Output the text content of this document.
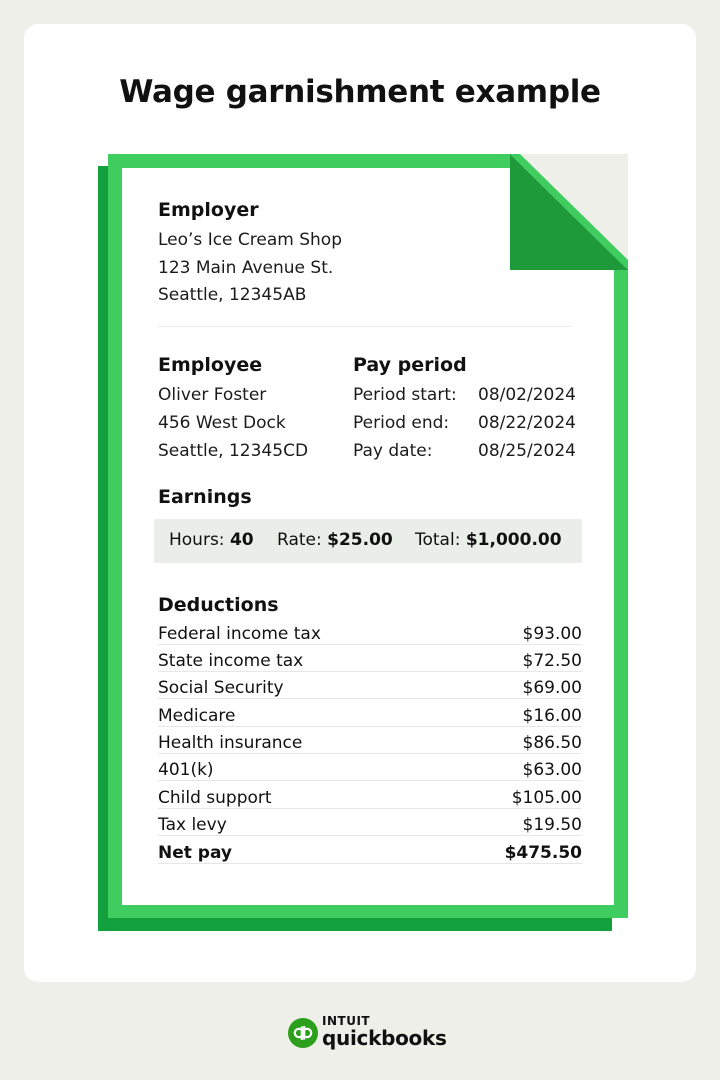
Wage garnishment example
Employer
Leo’s Ice Cream Shop
123 Main Avenue St.
Seattle, 12345AB
Employee
Oliver Foster
456 West Dock
Seattle, 12345CD
Pay period
Period start: 08/02/2024
Period end: 08/22/2024
Pay date:	08/25/2024
Earnings
Hours: 40 Rate: $25.00 Total: $1,000.00
Deductions
Federal income tax	$93.00
State income tax	$72.50
Social Security	$69.00
Medicare	$16.00
Health insurance	$86.50
401(k)	$63.00
Child support	$105.00
Tax levy	$19.50
Net pay	$475.50
INTUIT
quickbooks
